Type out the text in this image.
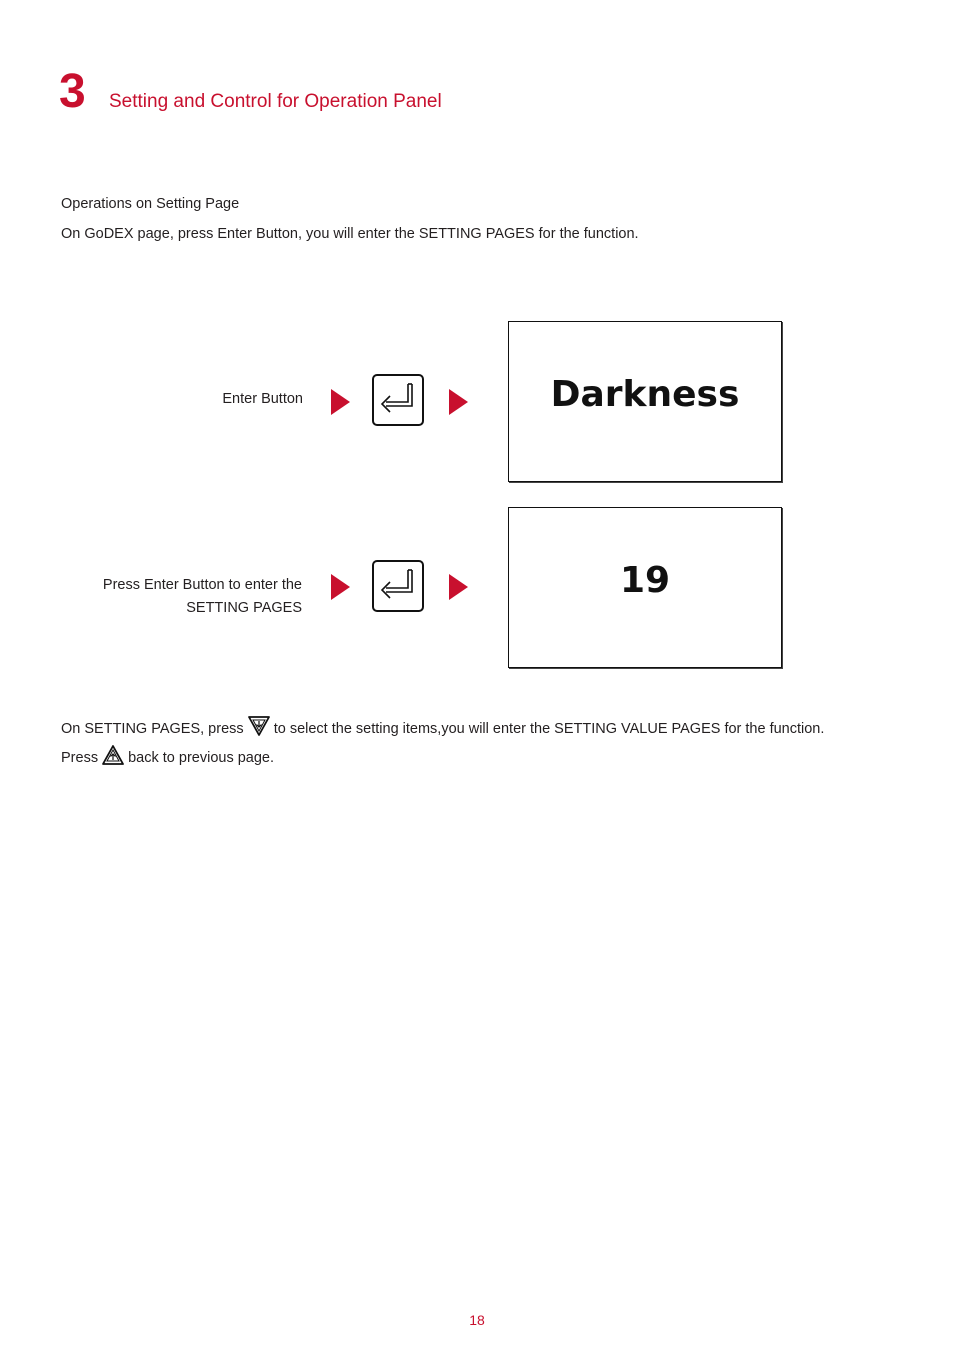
3 Setting and Control for Operation Panel
Operations on Setting Page
On GoDEX page, press Enter Button, you will enter the SETTING PAGES for the function.
Enter Button	Darkness
Press Enter Button to enter the
SETTING PAGES
19
On SETTING PAGES, press  to select the setting items,you will enter the SETTING VALUE PAGES for the function.
Press  back to previous page.
18
